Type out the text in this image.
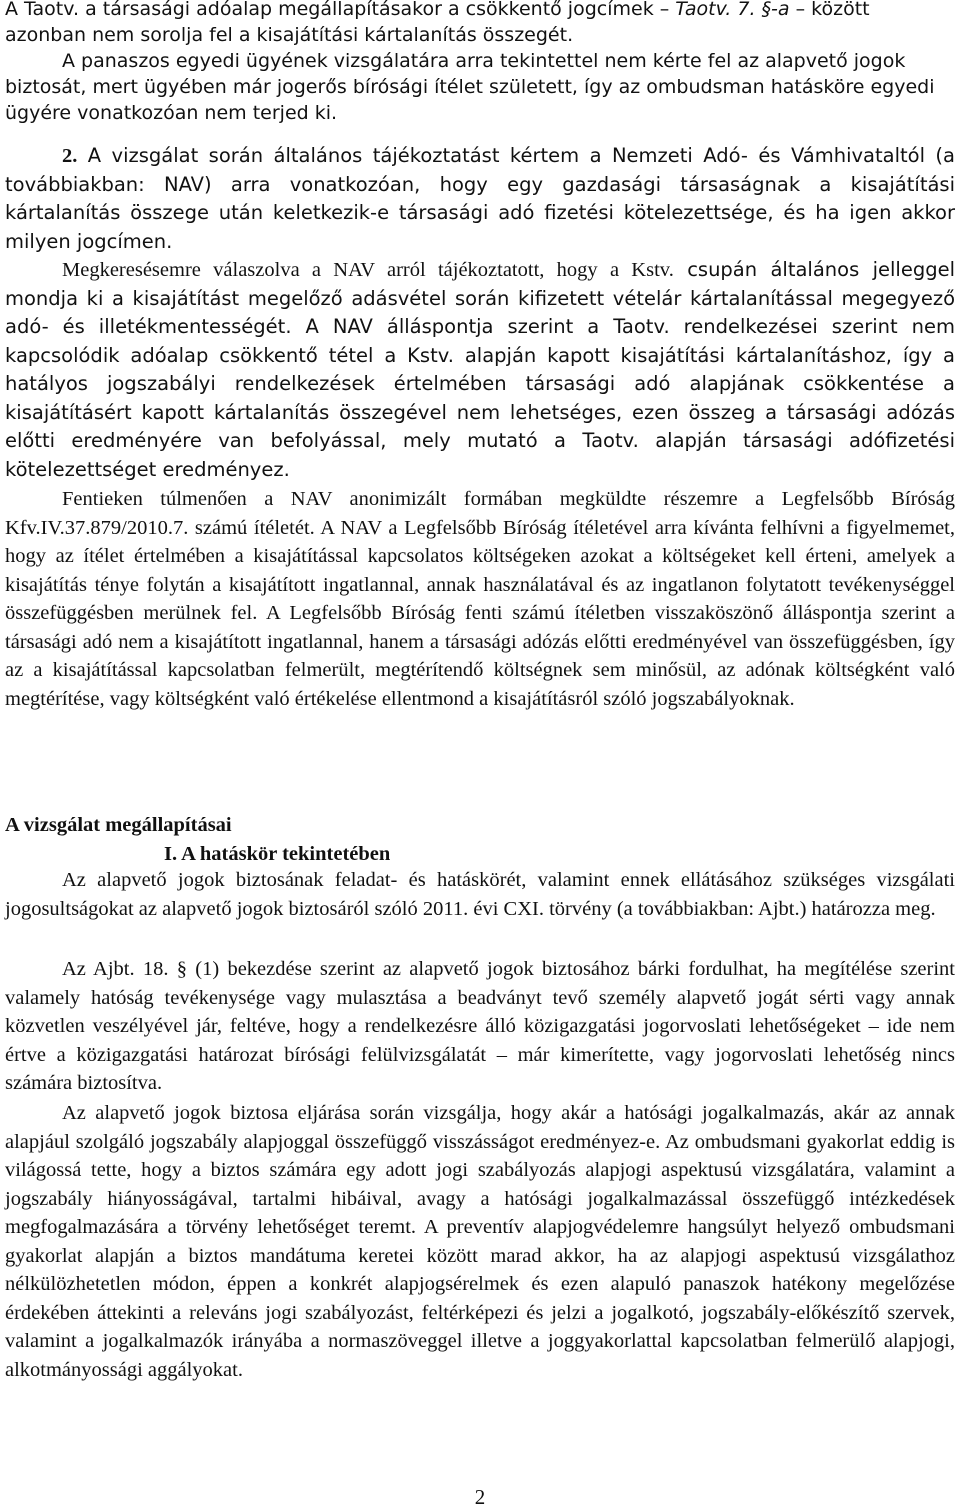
A Taotv. a társasági adóalap megállapításakor a csökkentő jogcímek – Taotv. 7. §-a – között azonban nem sorolja fel a kisajátítási kártalanítás összegét.

A panaszos egyedi ügyének vizsgálatára arra tekintettel nem kérte fel az alapvető jogok biztosát, mert ügyében már jogerős bírósági ítélet született, így az ombudsman hatásköre egyedi ügyére vonatkozóan nem terjed ki.

2. A vizsgálat során általános tájékoztatást kértem a Nemzeti Adó- és Vámhivataltól (a továbbiakban: NAV) arra vonatkozóan, hogy egy gazdasági társaságnak a kisajátítási kártalanítás összege után keletkezik-e társasági adó fizetési kötelezettsége, és ha igen akkor milyen jogcímen.

Megkeresésemre válaszolva a NAV arról tájékoztatott, hogy a Kstv. csupán általános jelleggel mondja ki a kisajátítást megelőző adásvétel során kifizetett vételár kártalanítással megegyező adó- és illetékmentességét. A NAV álláspontja szerint a Taotv. rendelkezései szerint nem kapcsolódik adóalap csökkentő tétel a Kstv. alapján kapott kisajátítási kártalanításhoz, így a hatályos jogszabályi rendelkezések értelmében társasági adó alapjának csökkentése a kisajátításért kapott kártalanítás összegével nem lehetséges, ezen összeg a társasági adózás előtti eredményére van befolyással, mely mutató a Taotv. alapján társasági adófizetési kötelezettséget eredményez.

Fentieken túlmenően a NAV anonimizált formában megküldte részemre a Legfelsőbb Bíróság Kfv.IV.37.879/2010.7. számú ítéletét. A NAV a Legfelsőbb Bíróság ítéletével arra kívánta felhívni a figyelmemet, hogy az ítélet értelmében a kisajátítással kapcsolatos költségeken azokat a költségeket kell érteni, amelyek a kisajátítás ténye folytán a kisajátított ingatlannal, annak használatával és az ingatlanon folytatott tevékenységgel összefüggésben merülnek fel. A Legfelsőbb Bíróság fenti számú ítéletben visszaköszönő álláspontja szerint a társasági adó nem a kisajátított ingatlannal, hanem a társasági adózás előtti eredményével van összefüggésben, így az a kisajátítással kapcsolatban felmerült, megtérítendő költségnek sem minősül, az adónak költségként való megtérítése, vagy költségként való értékelése ellentmond a kisajátításról szóló jogszabályoknak.

A vizsgálat megállapításai
I. A hatáskör tekintetében

Az alapvető jogok biztosának feladat- és hatáskörét, valamint ennek ellátásához szükséges vizsgálati jogosultságokat az alapvető jogok biztosáról szóló 2011. évi CXI. törvény (a továbbiakban: Ajbt.) határozza meg.

Az Ajbt. 18. § (1) bekezdése szerint az alapvető jogok biztosához bárki fordulhat, ha megítélése szerint valamely hatóság tevékenysége vagy mulasztása a beadványt tevő személy alapvető jogát sérti vagy annak közvetlen veszélyével jár, feltéve, hogy a rendelkezésre álló közigazgatási jogorvoslati lehetőségeket – ide nem értve a közigazgatási határozat bírósági felülvizsgálatát – már kimerítette, vagy jogorvoslati lehetőség nincs számára biztosítva.

Az alapvető jogok biztosa eljárása során vizsgálja, hogy akár a hatósági jogalkalmazás, akár az annak alapjául szolgáló jogszabály alapjoggal összefüggő visszásságot eredményez-e. Az ombudsmani gyakorlat eddig is világossá tette, hogy a biztos számára egy adott jogi szabályozás alapjogi aspektusú vizsgálatára, valamint a jogszabály hiányosságával, tartalmi hibáival, avagy a hatósági jogalkalmazással összefüggő intézkedések megfogalmazására a törvény lehetőséget teremt. A preventív alapjogvédelemre hangsúlyt helyező ombudsmani gyakorlat alapján a biztos mandátuma keretei között marad akkor, ha az alapjogi aspektusú vizsgálathoz nélkülözhetetlen módon, éppen a konkrét alapjogsérelmek és ezen alapuló panaszok hatékony megelőzése érdekében áttekinti a releváns jogi szabályozást, feltérképezi és jelzi a jogalkotó, jogszabály-előkészítő szervek, valamint a jogalkalmazók irányába a normaszöveggel illetve a joggyakorlattal kapcsolatban felmerülő alapjogi, alkotmányossági aggályokat.

2
